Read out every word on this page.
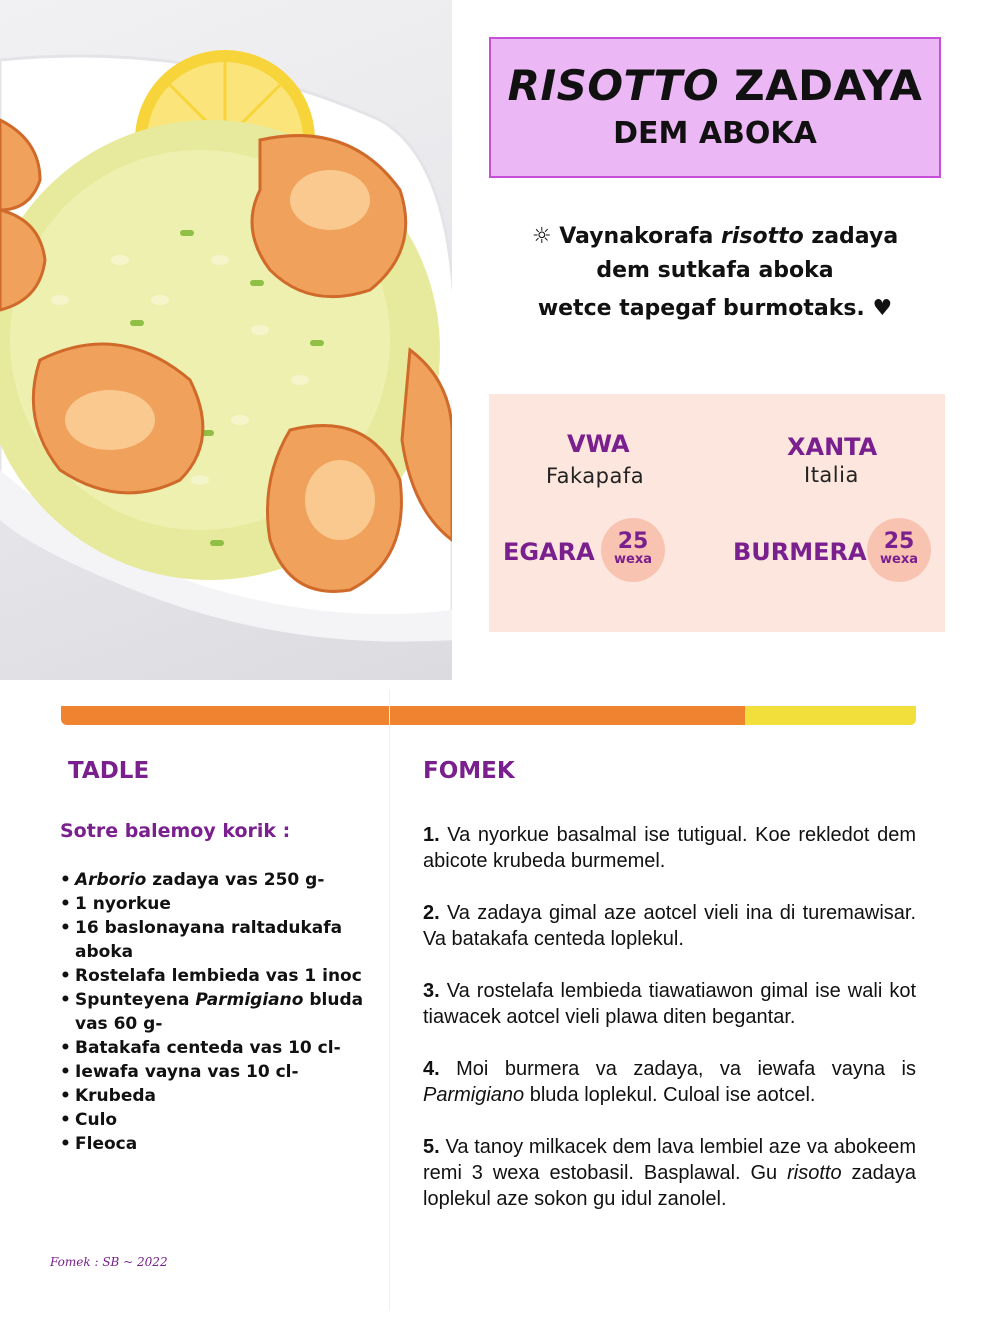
RISOTTO ZADAYA
DEM ABOKA
☼ Vaynakorafa risotto zadaya
dem sutkafa aboka
wetce tapegaf burmotaks. ♥
VWA
Fakapafa
XANTA
Italia
EGARA	25
wexa	BURMERA 25
wexa
TADLE
Sotre balemoy korik :
• Arborio zadaya vas 250 g-
• 1 nyorkue
• 16 baslonayana raltadukafa aboka
• Rostelafa lembieda vas 1 inoc
• Spunteyena Parmigiano bluda vas 60 g-
• Batakafa centeda vas 10 cl-
• Iewafa vayna vas 10 cl-
• Krubeda
• Culo
• Fleoca
FOMEK
1. Va nyorkue basalmal ise tutigual. Koe rekledot dem abicote krubeda burmemel.
2. Va zadaya gimal aze aotcel vieli ina di turemawisar. Va batakafa centeda loplekul.
3. Va rostelafa lembieda tiawatiawon gimal ise wali kot tiawacek aotcel vieli plawa diten begantar.
4. Moi burmera va zadaya, va iewafa vayna is Parmigiano bluda loplekul. Culoal ise aotcel.
5. Va tanoy milkacek dem lava lembiel aze va abokeem remi 3 wexa estobasil. Basplawal. Gu risotto zadaya loplekul aze sokon gu idul zanolel.
Fomek : SB ~ 2022
